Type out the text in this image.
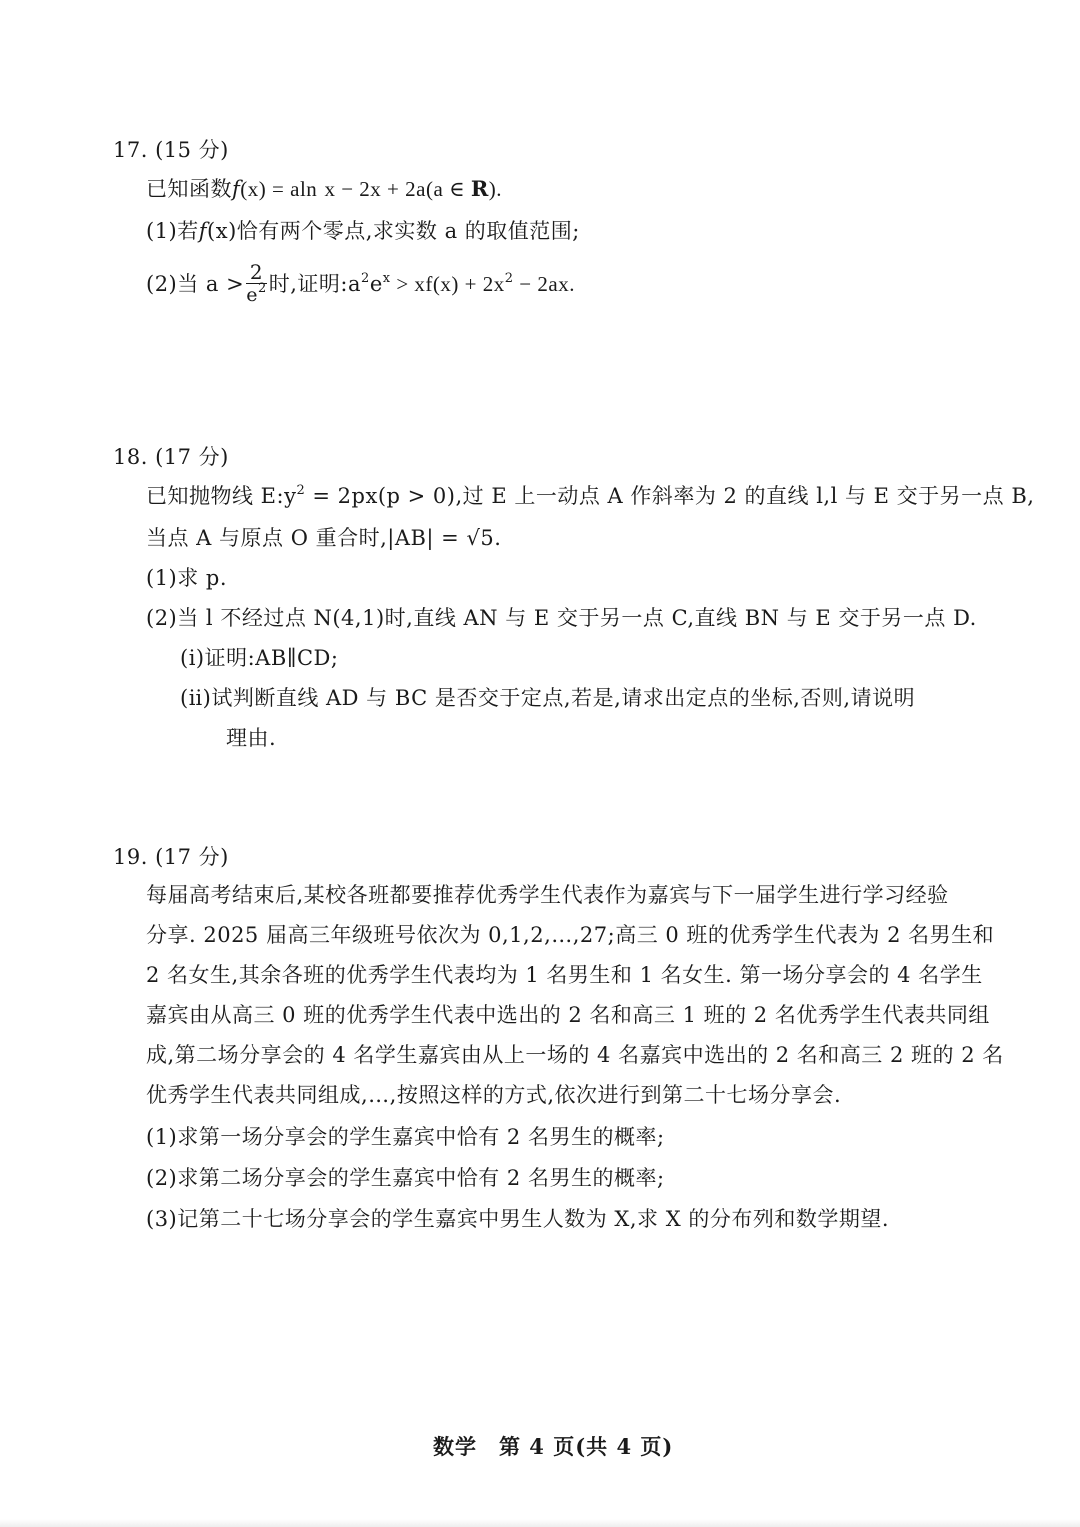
17. (15 分)
已知函数f(x) = aln x − 2x + 2a(a ∈ R).
(1)若f(x)恰有两个零点,求实数 a 的取值范围;
(2)当 $a > \frac{2}{e^2}$ 时,证明$:a^2e^x > xf(x) + 2x^2 - 2ax$.
18. (17 分)
已知抛物线 $E:y^2 = 2px(p > 0)$,过 E 上一动点 A 作斜率为 2 的直线 l,l 与 E 交于另一点 B,
当点 A 与原点 O 重合时,|AB| = √5.
(1)求 p.
(2)当 l 不经过点 N(4,1)时,直线 AN 与 E 交于另一点 C,直线 BN 与 E 交于另一点 D.
(ⅰ)证明:AB∥CD;
(ⅱ)试判断直线 AD 与 BC 是否交于定点,若是,请求出定点的坐标,否则,请说明
理由.
19. (17 分)
每届高考结束后,某校各班都要推荐优秀学生代表作为嘉宾与下一届学生进行学习经验
分享. 2025 届高三年级班号依次为 0,1,2,…,27;高三 0 班的优秀学生代表为 2 名男生和
2 名女生,其余各班的优秀学生代表均为 1 名男生和 1 名女生. 第一场分享会的 4 名学生
嘉宾由从高三 0 班的优秀学生代表中选出的 2 名和高三 1 班的 2 名优秀学生代表共同组
成,第二场分享会的 4 名学生嘉宾由从上一场的 4 名嘉宾中选出的 2 名和高三 2 班的 2 名
优秀学生代表共同组成,…,按照这样的方式,依次进行到第二十七场分享会.
(1)求第一场分享会的学生嘉宾中恰有 2 名男生的概率;
(2)求第二场分享会的学生嘉宾中恰有 2 名男生的概率;
(3)记第二十七场分享会的学生嘉宾中男生人数为 X,求 X 的分布列和数学期望.
数学　第 4 页(共 4 页)
